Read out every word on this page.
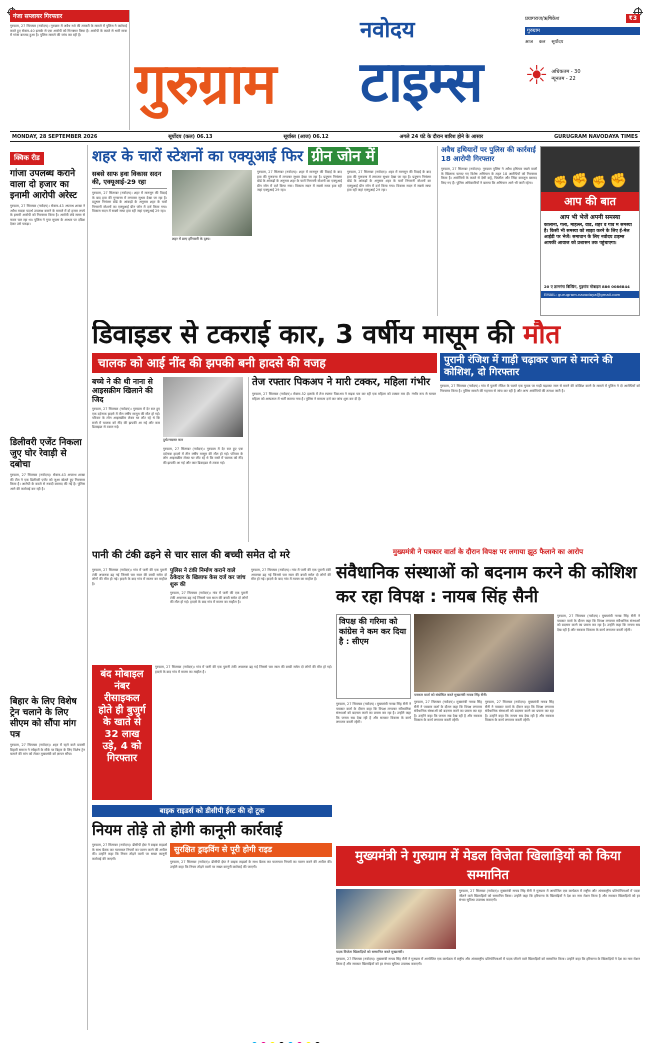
गंजा सप्लायर गिरफ्तार
गुरुग्राम, 27 सितम्बर (नवोदय)। गुरुग्राम में अवैध नशे की तस्करी के मामले में पुलिस ने कार्रवाई करते हुए सेक्टर-40 इलाके से एक आरोपी को गिरफ्तार किया है। आरोपी के कब्जे से भारी मात्रा में गांजा बरामद हुआ है। पुलिस मामले की जांच कर रही है।	नवोदय
गुरुग्राम टाइम्स
प्रयागराज/ऋषिकेश	₹3
गुरुग्राम
आज कल सूर्योदय
☀ अधिकतम - 30
न्यूनतम - 22
MONDAY, 28 SEPTEMBER 2026	सूर्योदय (कल) 06.13	सूर्यास्त (आज) 06.12	अगले 24 घंटे के दौरान बारिश होने के आसार	GURUGRAM NAVODAYA TIMES
क्विक रीड
गांजा उपलब्ध कराने वाला दो हजार का इनामी आरोपी अरेस्ट
गुरुग्राम, 27 सितम्बर (नवोदय)। सेक्टर-43 अपराध शाखा ने अवैध मादक पदार्थ उपलब्ध कराने के मामले में दो हजार रुपये के इनामी आरोपी को गिरफ्तार किया है। आरोपी लंबे समय से फरार चल रहा था। पुलिस ने गुप्त सूचना के आधार पर दबिश देकर उसे पकड़ा।
डिलीवरी एजेंट निकला जुए घोर रेवाड़ी से दबोचा
गुरुग्राम, 27 सितम्बर (नवोदय)। सेक्टर-43 अपराध शाखा की टीम ने एक डिलीवरी एजेंट को जुआ खेलते हुए गिरफ्तार किया है। आरोपी के कब्जे से नकदी बरामद की गई है। पुलिस आगे की कार्रवाई कर रही है।
बिहार के लिए विशेष ट्रेन चलाने के लिए सीएम को सौंपा मांग पत्र
गुरुग्राम, 27 सितम्बर (नवोदय)। शहर में रहने वाले प्रवासी बिहारी समाज ने त्योहारों के मौके पर बिहार के लिए विशेष ट्रेन चलाने की मांग को लेकर मुख्यमंत्री को ज्ञापन सौंपा।
शहर के चारों स्टेशनों का एक्यूआई फिर ग्रीन जोन में
सबसे साफ हवा विकास सदन की, एक्यूआई-29 रहा
गुरुग्राम, 27 सितम्बर (नवोदय)। शहर में मानसून की विदाई के बाद हवा की गुणवत्ता में लगातार सुधार देखा जा रहा है। प्रदूषण नियंत्रण बोर्ड के आंकड़ों के अनुसार शहर के चारों निगरानी स्टेशनों का एक्यूआई ग्रीन जोन में दर्ज किया गया। विकास सदन में सबसे साफ हवा रही जहां एक्यूआई 29 रहा।
शहर में छाए हरियाली के दृश्य।
गुरुग्राम, 27 सितम्बर (नवोदय)। शहर में मानसून की विदाई के बाद हवा की गुणवत्ता में लगातार सुधार देखा जा रहा है। प्रदूषण नियंत्रण बोर्ड के आंकड़ों के अनुसार शहर के चारों निगरानी स्टेशनों का एक्यूआई ग्रीन जोन में दर्ज किया गया। विकास सदन में सबसे साफ हवा रही जहां एक्यूआई 29 रहा।
गुरुग्राम, 27 सितम्बर (नवोदय)। शहर में मानसून की विदाई के बाद हवा की गुणवत्ता में लगातार सुधार देखा जा रहा है। प्रदूषण नियंत्रण बोर्ड के आंकड़ों के अनुसार शहर के चारों निगरानी स्टेशनों का एक्यूआई ग्रीन जोन में दर्ज किया गया। विकास सदन में सबसे साफ हवा रही जहां एक्यूआई 29 रहा।
अवैध हथियारों पर पुलिस की कार्रवाई 18 आरोपी गिरफ्तार
गुरुग्राम, 27 सितम्बर (नवोदय)। गुरुग्राम पुलिस ने अवैध हथियार रखने वालों के खिलाफ चलाए गए विशेष अभियान के तहत 18 आरोपियों को गिरफ्तार किया है। आरोपियों के कब्जे से देसी कट्टे, पिस्तौल और जिंदा कारतूस बरामद किए गए हैं। पुलिस अधिकारियों ने बताया कि अभियान आगे भी जारी रहेगा।	✊ ✊ ✊ ✊
आप की बात
आप भी भेजें अपनी समस्या
कॉलोनी, गली, मोहल्ले, वार्ड, शहर व गांव में समस्या है। किसी भी समस्या को साझा करने के लिए ई-मेल आईडी पर भेजें। समाधान के लिए नवोदय टाइम्स आपकी आवाज को प्रशासन तक पहुंचाएगा।
20 ए ज्ञानगंगा बिल्डिंग, गुड़गांव मोबाइल 886 0086844
EMAIL: gurugram.navodaya@gmail.com
डिवाइडर से टकराई कार, 3 वर्षीय मासूम की मौत
चालक को आई नींद की झपकी बनी हादसे की वजह
बच्चे ने की थी नाना से आइसक्रीम खिलाने की जिद
गुरुग्राम, 27 सितम्बर (नवोदय)। गुरुग्राम में देर रात हुए एक दर्दनाक हादसे में तीन वर्षीय मासूम की मौत हो गई। परिवार के लोग आइसक्रीम लेकर घर लौट रहे थे कि रास्ते में चालक को नींद की झपकी आ गई और कार डिवाइडर से टकरा गई।
दुर्घटनाग्रस्त कार
गुरुग्राम, 27 सितम्बर (नवोदय)। गुरुग्राम में देर रात हुए एक दर्दनाक हादसे में तीन वर्षीय मासूम की मौत हो गई। परिवार के लोग आइसक्रीम लेकर घर लौट रहे थे कि रास्ते में चालक को नींद की झपकी आ गई और कार डिवाइडर से टकरा गई।
तेज रफ्तार पिकअप ने मारी टक्कर, महिला गंभीर
गुरुग्राम, 27 सितम्बर (नवोदय)। सेक्टर-52 इलाके में तेज रफ्तार पिकअप ने सड़क पार कर रही एक महिला को टक्कर मार दी। गंभीर रूप से घायल महिला को अस्पताल में भर्ती कराया गया है। पुलिस ने मामला दर्ज कर जांच शुरू कर दी है।
पुरानी रंजिश में गाड़ी चढ़ाकर जान से मारने की कोशिश, दो गिरफ्तार
गुरुग्राम, 27 सितम्बर (नवोदय)। गांव में पुरानी रंजिश के चलते एक युवक पर गाड़ी चढ़ाकर जान से मारने की कोशिश करने के मामले में पुलिस ने दो आरोपियों को गिरफ्तार किया है। पुलिस मामले की गहनता से जांच कर रही है और अन्य आरोपियों की तलाश जारी है।
पानी की टंकी ढहने से चार साल की बच्ची समेत दो मरे
गुरुग्राम, 27 सितम्बर (नवोदय)। गांव में पानी की एक पुरानी टंकी अचानक ढह गई जिससे चार साल की बच्ची समेत दो लोगों की मौत हो गई। हादसे के बाद गांव में मातम का माहौल है।
पुलिस ने टंकी निर्माण कराने वाले ठेकेदार के खिलाफ केस दर्ज कर जांच शुरू की
गुरुग्राम, 27 सितम्बर (नवोदय)। गांव में पानी की एक पुरानी टंकी अचानक ढह गई जिससे चार साल की बच्ची समेत दो लोगों की मौत हो गई। हादसे के बाद गांव में मातम का माहौल है।
गुरुग्राम, 27 सितम्बर (नवोदय)। गांव में पानी की एक पुरानी टंकी अचानक ढह गई जिससे चार साल की बच्ची समेत दो लोगों की मौत हो गई। हादसे के बाद गांव में मातम का माहौल है।
बंद मोबाइल नंबर रीसाइकल होते ही बुजुर्ग के खाते से 32 लाख उड़े, 4 को गिरफ्तार
गुरुग्राम, 27 सितम्बर (नवोदय)। गांव में पानी की एक पुरानी टंकी अचानक ढह गई जिससे चार साल की बच्ची समेत दो लोगों की मौत हो गई। हादसे के बाद गांव में मातम का माहौल है।
बाइक राइडर्स को डीसीपी ईस्ट की दो टूक
नियम तोड़े तो होगी कानूनी कार्रवाई
गुरुग्राम, 27 सितम्बर (नवोदय)। डीसीपी ईस्ट ने बाइक राइडर्स के साथ बैठक कर यातायात नियमों का पालन करने की अपील की। उन्होंने कहा कि नियम तोड़ने वालों पर सख्त कानूनी कार्रवाई की जाएगी।
सुरक्षित ड्राइविंग से पूरी होगी राइड
गुरुग्राम, 27 सितम्बर (नवोदय)। डीसीपी ईस्ट ने बाइक राइडर्स के साथ बैठक कर यातायात नियमों का पालन करने की अपील की। उन्होंने कहा कि नियम तोड़ने वालों पर सख्त कानूनी कार्रवाई की जाएगी।
मुख्यमंत्री ने पत्रकार वार्ता के दौरान विपक्ष पर लगाया झूठ फैलाने का आरोप
संवैधानिक संस्थाओं को बदनाम करने की कोशिश कर रहा विपक्ष : नायब सिंह सैनी
विपक्ष की गरिमा को कांग्रेस ने कम कर दिया है : सीएम
पत्रकार वार्ता को संबोधित करते मुख्यमंत्री नायब सिंह सैनी।
गुरुग्राम, 27 सितम्बर (नवोदय)। मुख्यमंत्री नायब सिंह सैनी ने पत्रकार वार्ता के दौरान कहा कि विपक्ष लगातार संवैधानिक संस्थाओं को बदनाम करने का प्रयास कर रहा है। उन्होंने कहा कि जनता सब देख रही है और सरकार विकास के कार्य लगातार करती रहेगी।
गुरुग्राम, 27 सितम्बर (नवोदय)। मुख्यमंत्री नायब सिंह सैनी ने पत्रकार वार्ता के दौरान कहा कि विपक्ष लगातार संवैधानिक संस्थाओं को बदनाम करने का प्रयास कर रहा है। उन्होंने कहा कि जनता सब देख रही है और सरकार विकास के कार्य लगातार करती रहेगी।
गुरुग्राम, 27 सितम्बर (नवोदय)। मुख्यमंत्री नायब सिंह सैनी ने पत्रकार वार्ता के दौरान कहा कि विपक्ष लगातार संवैधानिक संस्थाओं को बदनाम करने का प्रयास कर रहा है। उन्होंने कहा कि जनता सब देख रही है और सरकार विकास के कार्य लगातार करती रहेगी।
गुरुग्राम, 27 सितम्बर (नवोदय)। मुख्यमंत्री नायब सिंह सैनी ने पत्रकार वार्ता के दौरान कहा कि विपक्ष लगातार संवैधानिक संस्थाओं को बदनाम करने का प्रयास कर रहा है। उन्होंने कहा कि जनता सब देख रही है और सरकार विकास के कार्य लगातार करती रहेगी।
मुख्यमंत्री ने गुरुग्राम में मेडल विजेता खिलाड़ियों को किया सम्मानित
पदक विजेता खिलाड़ियों को सम्मानित करते मुख्यमंत्री।
गुरुग्राम, 27 सितम्बर (नवोदय)। मुख्यमंत्री नायब सिंह सैनी ने गुरुग्राम में आयोजित एक कार्यक्रम में राष्ट्रीय और अंतरराष्ट्रीय प्रतियोगिताओं में पदक जीतने वाले खिलाड़ियों को सम्मानित किया। उन्होंने कहा कि हरियाणा के खिलाड़ियों ने देश का नाम रोशन किया है और सरकार खिलाड़ियों को हर संभव सुविधा उपलब्ध कराएगी।
गुरुग्राम, 27 सितम्बर (नवोदय)। मुख्यमंत्री नायब सिंह सैनी ने गुरुग्राम में आयोजित एक कार्यक्रम में राष्ट्रीय और अंतरराष्ट्रीय प्रतियोगिताओं में पदक जीतने वाले खिलाड़ियों को सम्मानित किया। उन्होंने कहा कि हरियाणा के खिलाड़ियों ने देश का नाम रोशन किया है और सरकार खिलाड़ियों को हर संभव सुविधा उपलब्ध कराएगी।
